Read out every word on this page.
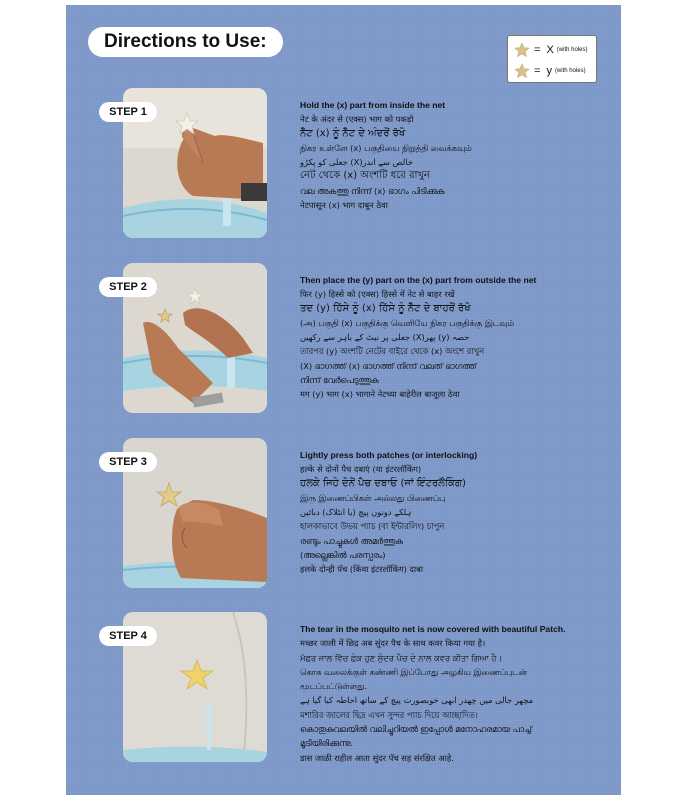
Directions to Use:	= X (with holes)
= y (with holes)
STEP 1
Hold the (x) part from inside the net
नेट के अंदर से (एक्स) भाग को पकड़ो
ਨੈੱਟ (x) ਨੂੰ ਨੈੱਟ ਦੇ ਅੰਦਰੋਂ ਰੱਖੋ
நிகர உள்ளே (x) பகுதியை நிறுத்தி வைக்கவும்
جعلی کو پکڑو (X)خالص سے اندر
নেট থেকে (x) অংশটি ধরে রাখুন
വല അകത്തു നിന്ന് (x) ഭാഗം പിടിക്കുക
नेटपासून (x) भाग दाबून ठेवा
STEP 2
Then place the (y) part on the (x) part from outside the net
फिर (y) हिस्से को (एक्स) हिस्से में नेट से बाहर रखें
ਤਦ (y) ਹਿੱਸੇ ਨੂੰ (x) ਹਿੱਸੇ ਨੂੰ ਨੈੱਟ ਦੇ ਬਾਹਰੋਂ ਰੱਖੋ
(அ) பகுதி (x) பகுதிக்கு வெளியே நிகர பகுதிக்கு இடவும்
جعلی پر نیٹ کے باہر سے رکھیں (X)پھر (y) حصہ
তারপর (y) অংশটি নেটের বাইরে থেকে (x) অংশে রাখুন
(X) ഭാഗത്ത് (x) ഭാഗത്ത് നിന്ന് വലത് ഭാഗത്ത്
നിന്ന് വേർപെടുത്തുക
मग (y) भाग (x) भागाने नेटच्या बाहेरील बाजूला ठेवा
STEP 3
Lightly press both patches (or interlocking)
हल्के से दोनों पैच दबाएं (या इंटरलॉकिंग)
ਹਲਕੇ ਜਿਹੇ ਦੋਨੋਂ ਪੈਚ ਦਬਾਓ (ਜਾਂ ਇੰਟਰਲੌਕਿੰਗ)
இரு இணைப்பிகள் அல்லது பிணைப்பு
ہلکے دونوں پیچ (یا انٹلاک) دبائیں
হালকাভাবে উভয় প্যাচ (বা ইন্টারলিং) চাপুন
രണ്ടും പാച്ചുകൾ അമർത്തുക
(അല്ലെങ്കിൽ പരസ്പരം)
हलके दोन्ही पॅच (किंवा इंटरलॉकिंग) दाबा
STEP 4
The tear in the mosquito net is now covered with beautiful Patch.
मच्छर जाली में छिद्र अब सुंदर पैच के साथ कवर किया गया है।
ਮੱਛਰ ਜਾਲ ਵਿੱਚ ਛੇਕ ਹੁਣ ਸੁੰਦਰ ਪੈਚ ਦੇ ਨਾਲ ਕਵਰ ਕੀਤਾ ਗਿਆ ਹੈ।
கொசு வலைக்குள் கண்ணி இப்போது அழகிய இணைப்புடன்
மூடப்பட்டுள்ளது.
مچھر جالی میں چھدر ابھی خوبصورت پیچ کے ساتھ احاطہ کیا گیا ہے
মশারির জালের ছিদ্র এখন সুন্দর প্যাচ দিয়ে আচ্ছাদিত।
കൊതുകുവലയിൽ വലിച്ചുറിയൽ ഇപ്പോൾ മനോഹരമായ പാച്ച്
മൂടിയിരിക്കുന്നു.
डास जाळी राहील आता सुंदर पॅच सह संरक्षित आहे.
